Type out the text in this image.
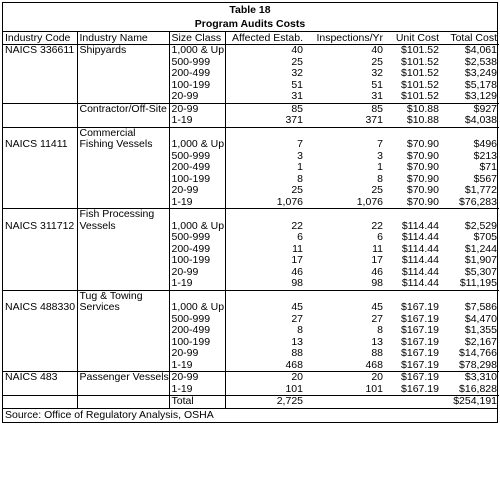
Table 18
Program Audits Costs
Industry Code	Industry Name	Size Class	Affected Estab.	Inspections/Yr	Unit Cost	Total Cost
NAICS 336611	Shipyards	1,000 & Up	40	40	$101.52	$4,061
		500-999	25	25	$101.52	$2,538
		200-499	32	32	$101.52	$3,249
		100-199	51	51	$101.52	$5,178
		20-99	31	31	$101.52	$3,129
	Contractor/Off-Site	20-99	85	85	$10.88	$927
		1-19	371	371	$10.88	$4,038
NAICS 11411	Commercial Fishing Vessels	1,000 & Up	7	7	$70.90	$496
		500-999	3	3	$70.90	$213
		200-499	1	1	$70.90	$71
		100-199	8	8	$70.90	$567
		20-99	25	25	$70.90	$1,772
		1-19	1,076	1,076	$70.90	$76,283
NAICS 311712	Fish Processing Vessels	1,000 & Up	22	22	$114.44	$2,529
		500-999	6	6	$114.44	$705
		200-499	11	11	$114.44	$1,244
		100-199	17	17	$114.44	$1,907
		20-99	46	46	$114.44	$5,307
		1-19	98	98	$114.44	$11,195
NAICS 488330	Tug & Towing Services	1,000 & Up	45	45	$167.19	$7,586
		500-999	27	27	$167.19	$4,470
		200-499	8	8	$167.19	$1,355
		100-199	13	13	$167.19	$2,167
		20-99	88	88	$167.19	$14,766
		1-19	468	468	$167.19	$78,298
NAICS 483	Passenger Vessels	20-99	20	20	$167.19	$3,310
		1-19	101	101	$167.19	$16,828
		Total	2,725			$254,191
Source: Office of Regulatory Analysis, OSHA
